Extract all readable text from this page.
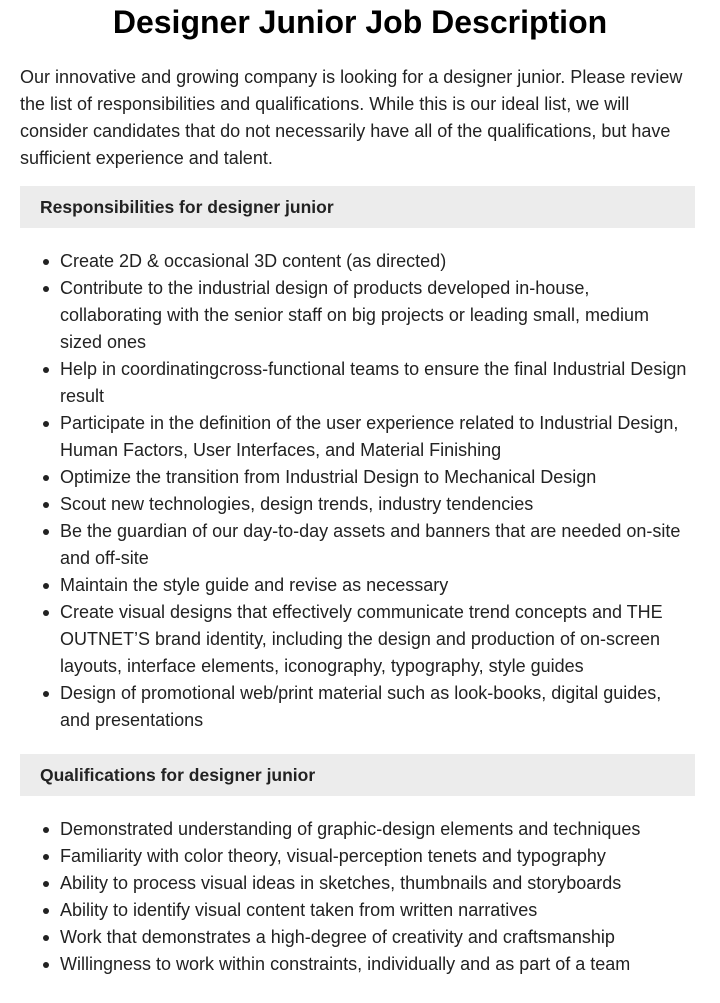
Designer Junior Job Description

Our innovative and growing company is looking for a designer junior. Please review the list of responsibilities and qualifications. While this is our ideal list, we will consider candidates that do not necessarily have all of the qualifications, but have sufficient experience and talent.

Responsibilities for designer junior
Create 2D & occasional 3D content (as directed)
Contribute to the industrial design of products developed in-house, collaborating with the senior staff on big projects or leading small, medium sized ones
Help in coordinatingcross-functional teams to ensure the final Industrial Design result
Participate in the definition of the user experience related to Industrial Design, Human Factors, User Interfaces, and Material Finishing
Optimize the transition from Industrial Design to Mechanical Design
Scout new technologies, design trends, industry tendencies
Be the guardian of our day-to-day assets and banners that are needed on-site and off-site
Maintain the style guide and revise as necessary
Create visual designs that effectively communicate trend concepts and THE OUTNET’S brand identity, including the design and production of on-screen layouts, interface elements, iconography, typography, style guides
Design of promotional web/print material such as look-books, digital guides, and presentations
Qualifications for designer junior
Demonstrated understanding of graphic-design elements and techniques
Familiarity with color theory, visual-perception tenets and typography
Ability to process visual ideas in sketches, thumbnails and storyboards
Ability to identify visual content taken from written narratives
Work that demonstrates a high-degree of creativity and craftsmanship
Willingness to work within constraints, individually and as part of a team
